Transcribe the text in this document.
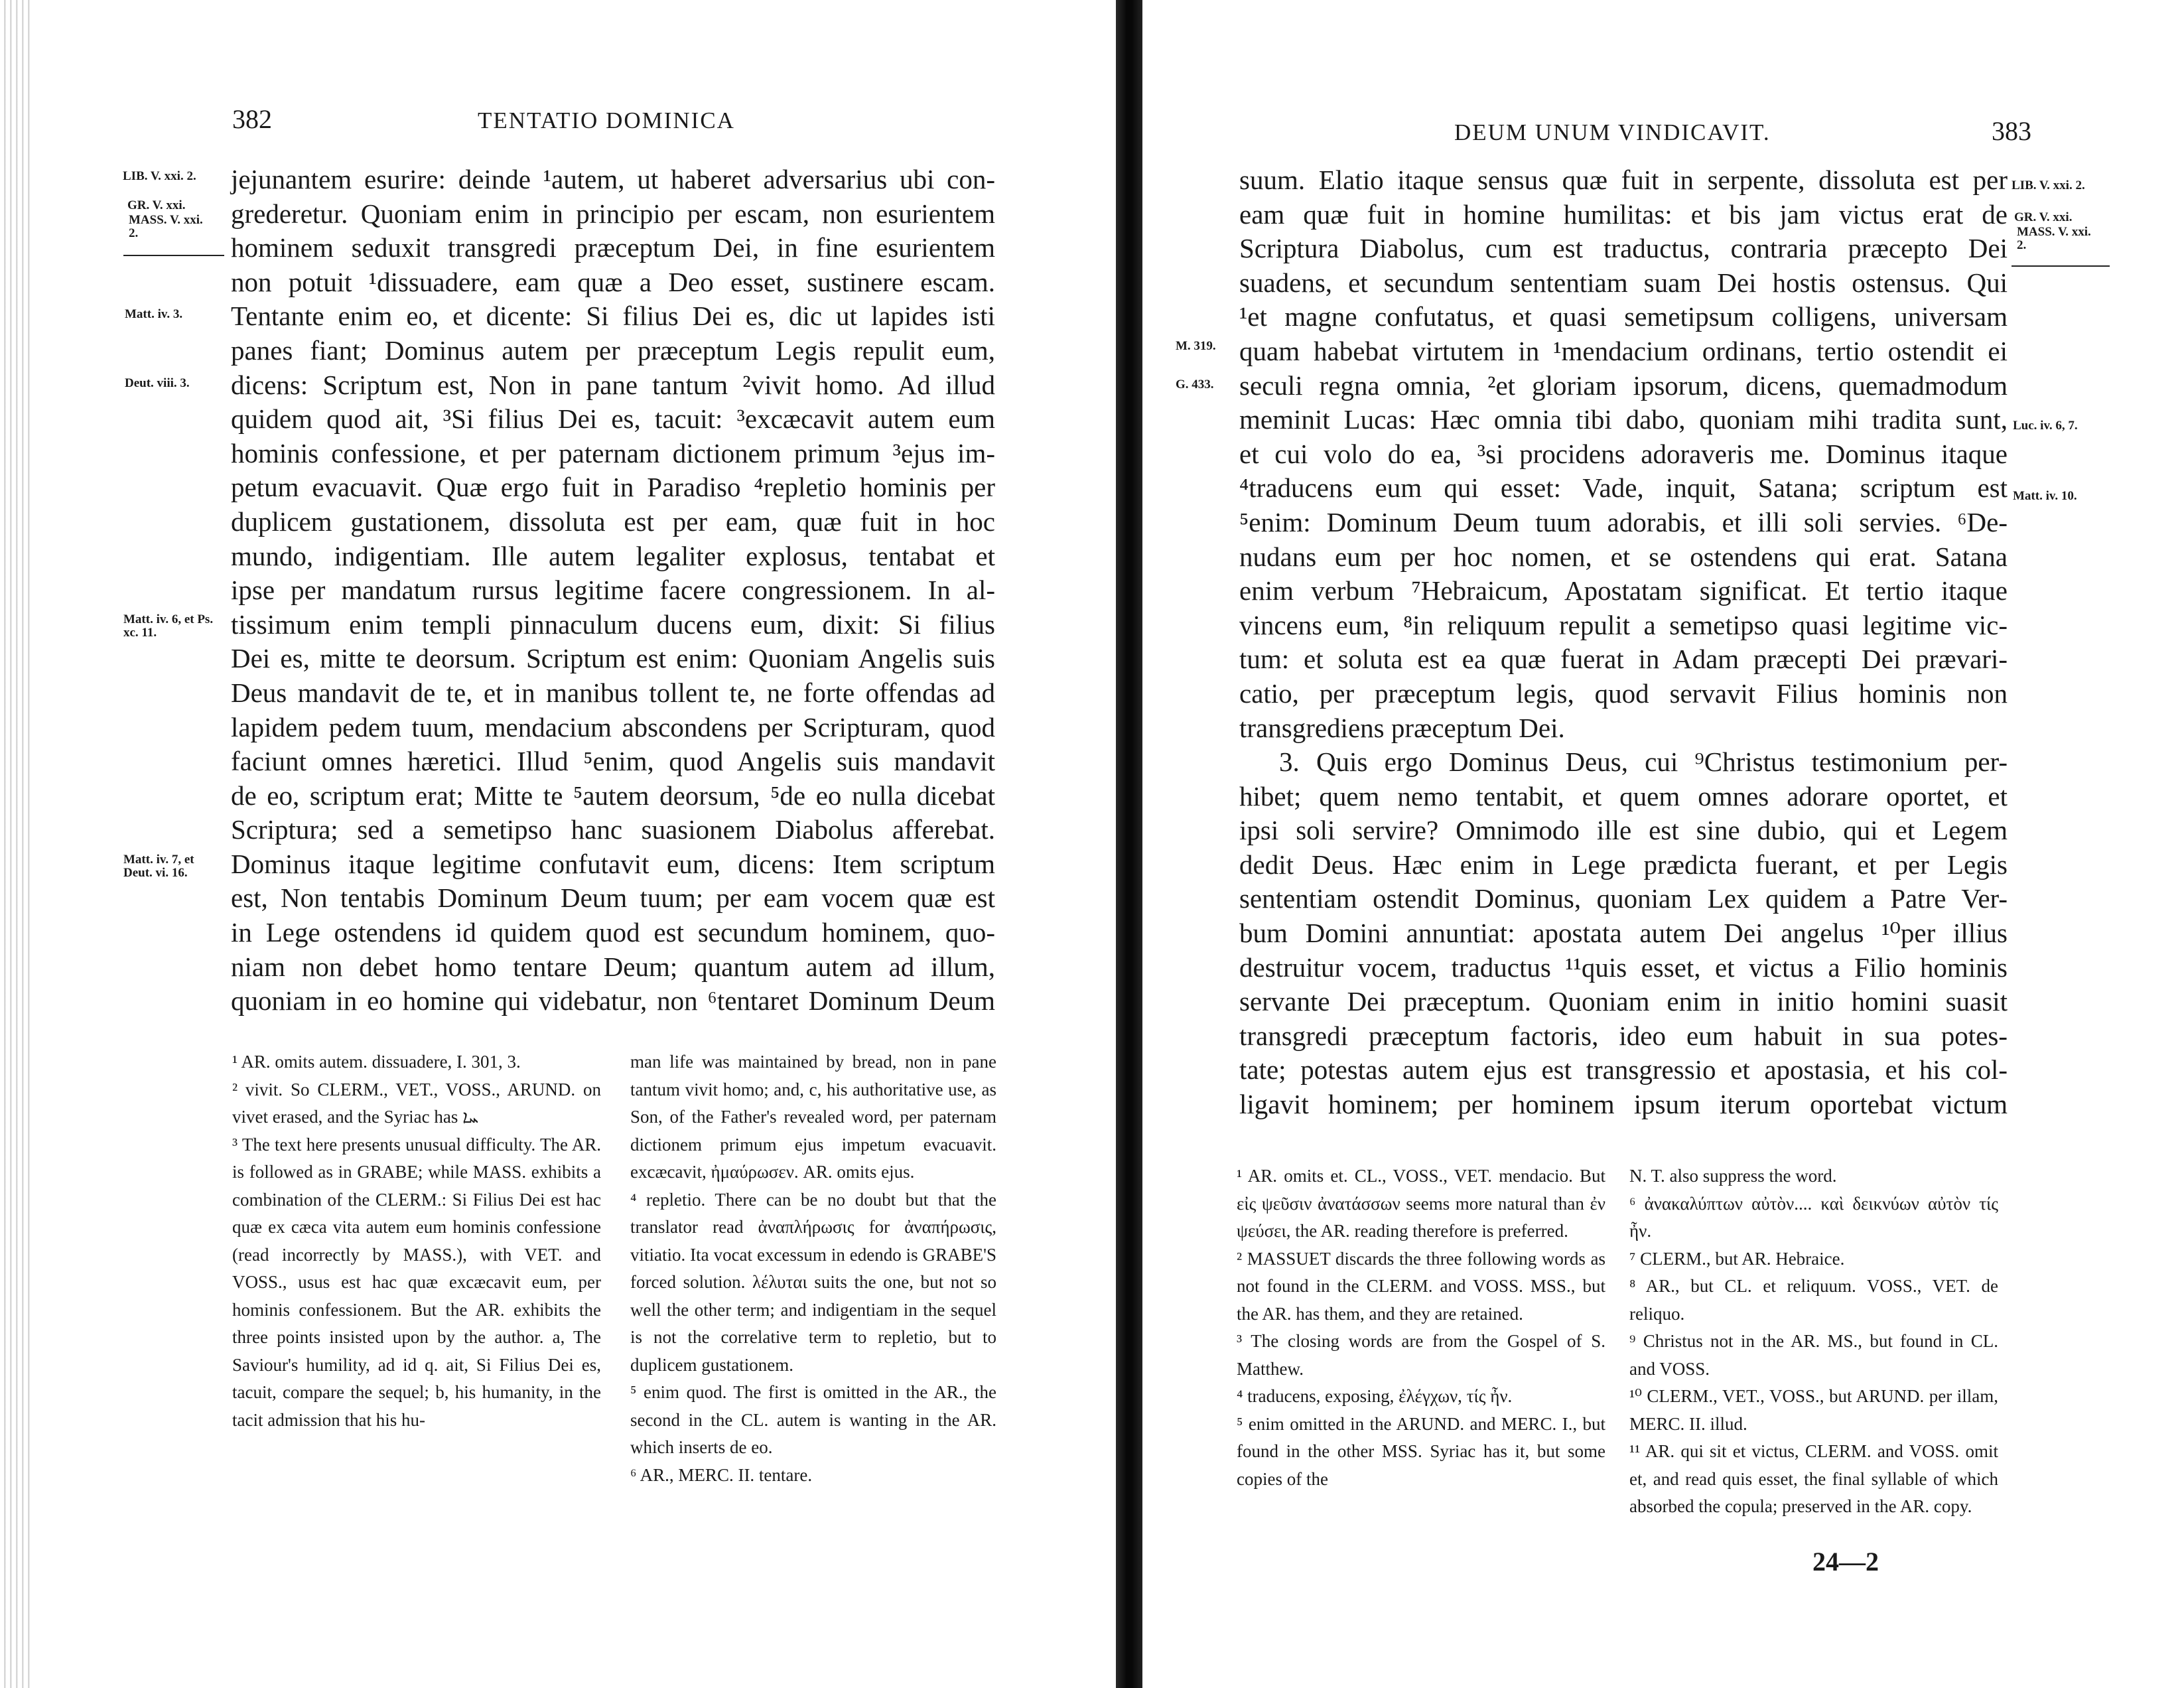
382	TENTATIO DOMINICA
LIB. V. xxi. 2.
GR. V. xxi.
MASS. V. xxi. 2.
Matt. iv. 3.
Deut. viii. 3.
Matt. iv. 6, et Ps. xc. 11.
Matt. iv. 7, et Deut. vi. 16.
jejunantem esurire: deinde ¹autem, ut haberet adversarius ubi con-
grederetur. Quoniam enim in principio per escam, non esurientem
hominem seduxit transgredi præceptum Dei, in fine esurientem
non potuit ¹dissuadere, eam quæ a Deo esset, sustinere escam.
Tentante enim eo, et dicente: Si filius Dei es, dic ut lapides isti
panes fiant; Dominus autem per præceptum Legis repulit eum,
dicens: Scriptum est, Non in pane tantum ²vivit homo. Ad illud
quidem quod ait, ³Si filius Dei es, tacuit: ³excæcavit autem eum
hominis confessione, et per paternam dictionem primum ³ejus im-
petum evacuavit. Quæ ergo fuit in Paradiso ⁴repletio hominis per
duplicem gustationem, dissoluta est per eam, quæ fuit in hoc
mundo, indigentiam. Ille autem legaliter explosus, tentabat et
ipse per mandatum rursus legitime facere congressionem. In al-
tissimum enim templi pinnaculum ducens eum, dixit: Si filius
Dei es, mitte te deorsum. Scriptum est enim: Quoniam Angelis suis
Deus mandavit de te, et in manibus tollent te, ne forte offendas ad
lapidem pedem tuum, mendacium abscondens per Scripturam, quod
faciunt omnes hæretici. Illud ⁵enim, quod Angelis suis mandavit
de eo, scriptum erat; Mitte te ⁵autem deorsum, ⁵de eo nulla dicebat
Scriptura; sed a semetipso hanc suasionem Diabolus afferebat.
Dominus itaque legitime confutavit eum, dicens: Item scriptum
est, Non tentabis Dominum Deum tuum; per eam vocem quæ est
in Lege ostendens id quidem quod est secundum hominem, quo-
niam non debet homo tentare Deum; quantum autem ad illum,
quoniam in eo homine qui videbatur, non ⁶tentaret Dominum Deum

¹ AR. omits autem. dissuadere, I. 301, 3.

² vivit. So CLERM., VET., VOSS., ARUND. on vivet erased, and the Syriac has ܚܐ

³ The text here presents unusual difficulty. The AR. is followed as in GRABE; while MASS. exhibits a combination of the CLERM.: Si Filius Dei est hac quæ ex cæca vita autem eum hominis confessione (read incorrectly by MASS.), with VET. and VOSS., usus est hac quæ excæcavit eum, per hominis confessionem. But the AR. exhibits the three points insisted upon by the author. a, The Saviour's humility, ad id q. ait, Si Filius Dei es, tacuit, compare the sequel; b, his humanity, in the tacit admission that his hu-

man life was maintained by bread, non in pane tantum vivit homo; and, c, his authoritative use, as Son, of the Father's revealed word, per paternam dictionem primum ejus impetum evacuavit. excæcavit, ἠμαύρωσεν. AR. omits ejus.

⁴ repletio. There can be no doubt but that the translator read ἀναπλήρωσις for ἀναπήρωσις, vitiatio. Ita vocat excessum in edendo is GRABE'S forced solution. λέλυται suits the one, but not so well the other term; and indigentiam in the sequel is not the correlative term to repletio, but to duplicem gustationem.

⁵ enim quod. The first is omitted in the AR., the second in the CL. autem is wanting in the AR. which inserts de eo.

⁶ AR., MERC. II. tentare.

DEUM UNUM VINDICAVIT.	383
suum. Elatio itaque sensus quæ fuit in serpente, dissoluta est per
eam quæ fuit in homine humilitas: et bis jam victus erat de
Scriptura Diabolus, cum est traductus, contraria præcepto Dei
suadens, et secundum sententiam suam Dei hostis ostensus. Qui
¹et magne confutatus, et quasi semetipsum colligens, universam
quam habebat virtutem in ¹mendacium ordinans, tertio ostendit ei
seculi regna omnia, ²et gloriam ipsorum, dicens, quemadmodum
meminit Lucas: Hæc omnia tibi dabo, quoniam mihi tradita sunt,
et cui volo do ea, ³si procidens adoraveris me. Dominus itaque
⁴traducens eum qui esset: Vade, inquit, Satana; scriptum est
⁵enim: Dominum Deum tuum adorabis, et illi soli servies. ⁶De-
nudans eum per hoc nomen, et se ostendens qui erat. Satana
enim verbum ⁷Hebraicum, Apostatam significat. Et tertio itaque
vincens eum, ⁸in reliquum repulit a semetipso quasi legitime vic-
tum: et soluta est ea quæ fuerat in Adam præcepti Dei prævari-
catio, per præceptum legis, quod servavit Filius hominis non
transgrediens præceptum Dei.
3. Quis ergo Dominus Deus, cui ⁹Christus testimonium per-
hibet; quem nemo tentabit, et quem omnes adorare oportet, et
ipsi soli servire? Omnimodo ille est sine dubio, qui et Legem
dedit Deus. Hæc enim in Lege prædicta fuerant, et per Legis
sententiam ostendit Dominus, quoniam Lex quidem a Patre Ver-
bum Domini annuntiat: apostata autem Dei angelus ¹⁰per illius
destruitur vocem, traductus ¹¹quis esset, et victus a Filio hominis
servante Dei præceptum. Quoniam enim in initio homini suasit
transgredi præceptum factoris, ideo eum habuit in sua potes-
tate; potestas autem ejus est transgressio et apostasia, et his col-
ligavit hominem; per hominem ipsum iterum oportebat victum
LIB. V. xxi. 2.
GR. V. xxi.
MASS. V. xxi. 2.
M. 319.
G. 433.
Luc. iv. 6, 7.
Matt. iv. 10.

¹ AR. omits et. CL., VOSS., VET. mendacio. But εἰς ψεῦσιν ἀνατάσσων seems more natural than ἐν ψεύσει, the AR. reading therefore is preferred.

² MASSUET discards the three following words as not found in the CLERM. and VOSS. MSS., but the AR. has them, and they are retained.

³ The closing words are from the Gospel of S. Matthew.

⁴ traducens, exposing, ἐλέγχων, τίς ἦν.

⁵ enim omitted in the ARUND. and MERC. I., but found in the other MSS. Syriac has it, but some copies of the

N. T. also suppress the word.

⁶ ἀνακαλύπτων αὐτὸν.... καὶ δεικνύων αὐτὸν τίς ἦν.

⁷ CLERM., but AR. Hebraice.

⁸ AR., but CL. et reliquum. VOSS., VET. de reliquo.

⁹ Christus not in the AR. MS., but found in CL. and VOSS.

¹⁰ CLERM., VET., VOSS., but ARUND. per illam, MERC. II. illud.

¹¹ AR. qui sit et victus, CLERM. and VOSS. omit et, and read quis esset, the final syllable of which absorbed the copula; preserved in the AR. copy.

24—2
